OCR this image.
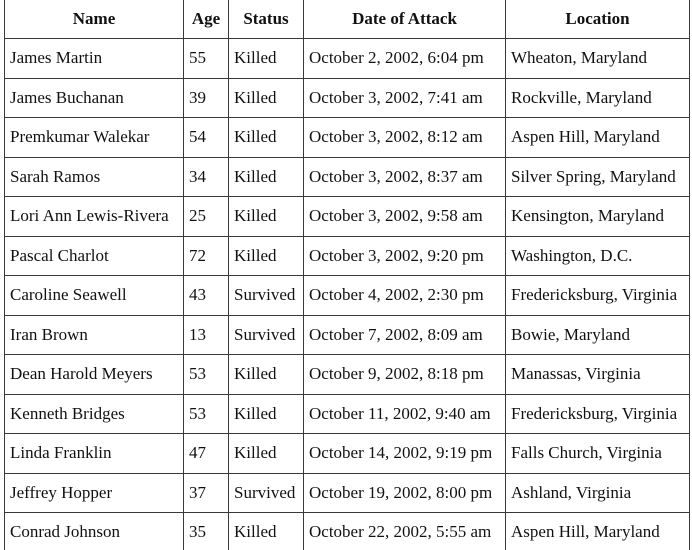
Name	Age	Status	Date of Attack	Location
James Martin	55	Killed	October 2, 2002, 6:04 pm	Wheaton, Maryland
James Buchanan	39	Killed	October 3, 2002, 7:41 am	Rockville, Maryland
Premkumar Walekar	54	Killed	October 3, 2002, 8:12 am	Aspen Hill, Maryland
Sarah Ramos	34	Killed	October 3, 2002, 8:37 am	Silver Spring, Maryland
Lori Ann Lewis-Rivera	25	Killed	October 3, 2002, 9:58 am	Kensington, Maryland
Pascal Charlot	72	Killed	October 3, 2002, 9:20 pm	Washington, D.C.
Caroline Seawell	43	Survived	October 4, 2002, 2:30 pm	Fredericksburg, Virginia
Iran Brown	13	Survived	October 7, 2002, 8:09 am	Bowie, Maryland
Dean Harold Meyers	53	Killed	October 9, 2002, 8:18 pm	Manassas, Virginia
Kenneth Bridges	53	Killed	October 11, 2002, 9:40 am	Fredericksburg, Virginia
Linda Franklin	47	Killed	October 14, 2002, 9:19 pm	Falls Church, Virginia
Jeffrey Hopper	37	Survived	October 19, 2002, 8:00 pm	Ashland, Virginia
Conrad Johnson	35	Killed	October 22, 2002, 5:55 am	Aspen Hill, Maryland
